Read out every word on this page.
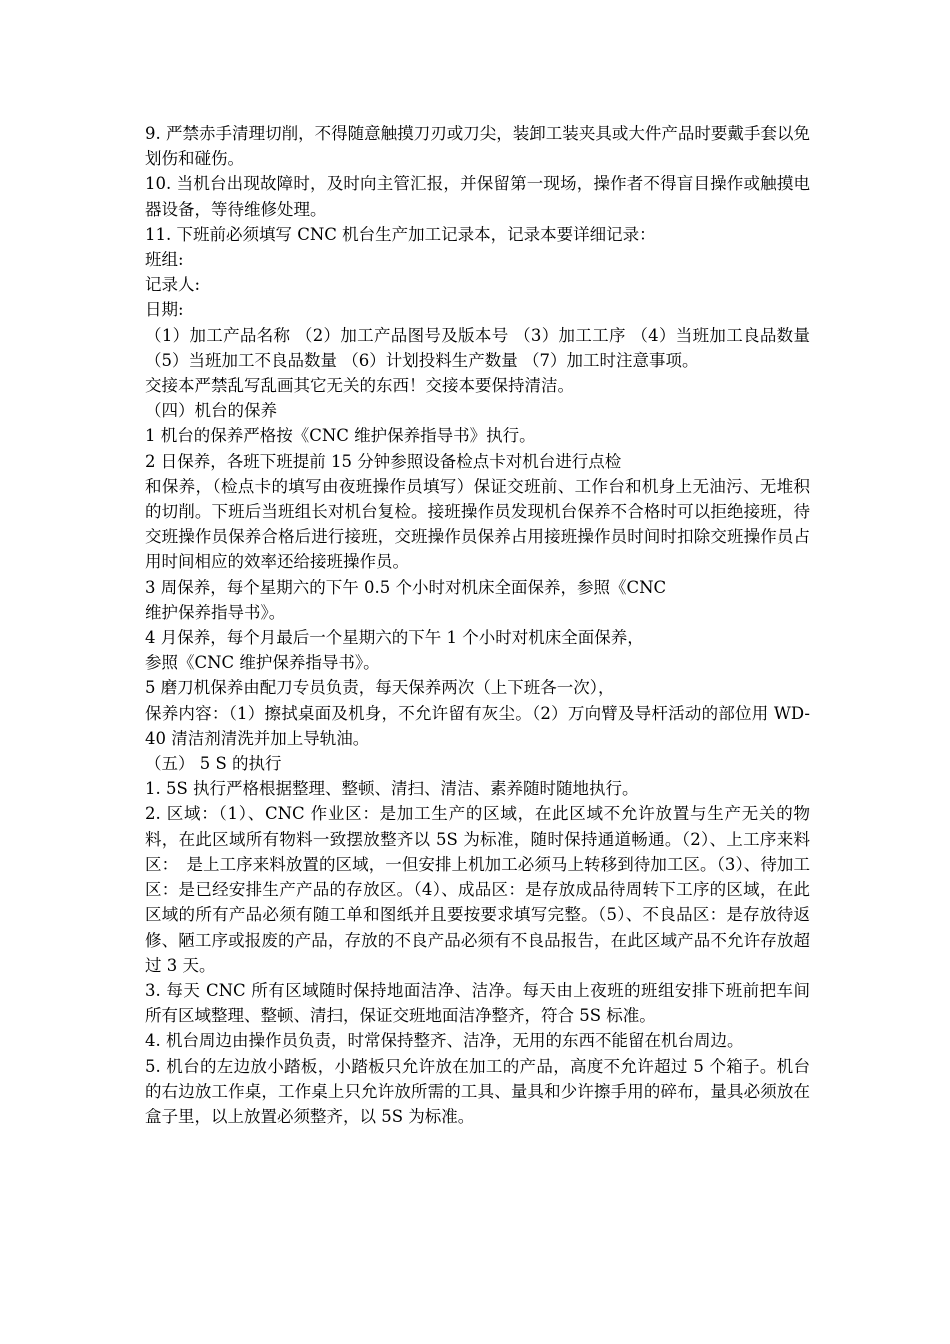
9. 严禁赤手清理切削，不得随意触摸刀刃或刀尖，装卸工装夹具或大件产品时要戴手套以免划伤和碰伤。

10. 当机台出现故障时，及时向主管汇报，并保留第一现场，操作者不得盲目操作或触摸电器设备，等待维修处理。

11. 下班前必须填写 CNC 机台生产加工记录本，记录本要详细记录：

班组:

记录人:

日期:

（1）加工产品名称 （2）加工产品图号及版本号 （3）加工工序 （4）当班加工良品数量 （5）当班加工不良品数量 （6）计划投料生产数量 （7）加工时注意事项。

交接本严禁乱写乱画其它无关的东西！交接本要保持清洁。

（四）机台的保养

1 机台的保养严格按《CNC 维护保养指导书》执行。

2 日保养，各班下班提前 15 分钟参照设备检点卡对机台进行点检

和保养，（检点卡的填写由夜班操作员填写）保证交班前、工作台和机身上无油污、无堆积的切削。下班后当班组长对机台复检。接班操作员发现机台保养不合格时可以拒绝接班，待交班操作员保养合格后进行接班，交班操作员保养占用接班操作员时间时扣除交班操作员占用时间相应的效率还给接班操作员。

3 周保养，每个星期六的下午 0.5 个小时对机床全面保养，参照《CNC

维护保养指导书》。

4 月保养，每个月最后一个星期六的下午 1 个小时对机床全面保养，

参照《CNC 维护保养指导书》。

5 磨刀机保养由配刀专员负责，每天保养两次（上下班各一次），

保养内容：（1）擦拭桌面及机身，不允许留有灰尘。（2）万向臂及导杆活动的部位用 WD-40 清洁剂清洗并加上导轨油。

（五） 5 S 的执行

1. 5S 执行严格根据整理、整顿、清扫、清洁、素养随时随地执行。

2. 区域：（1）、CNC 作业区：是加工生产的区域，在此区域不允许放置与生产无关的物料，在此区域所有物料一致摆放整齐以 5S 为标准，随时保持通道畅通。（2）、上工序来料区：　是上工序来料放置的区域，一但安排上机加工必须马上转移到待加工区。（3）、待加工区：是已经安排生产产品的存放区。（4）、成品区：是存放成品待周转下工序的区域，在此区域的所有产品必须有随工单和图纸并且要按要求填写完整。（5）、不良品区：是存放待返修、陋工序或报废的产品，存放的不良产品必须有不良品报告，在此区域产品不允许存放超过 3 天。

3. 每天 CNC 所有区域随时保持地面洁净、洁净。每天由上夜班的班组安排下班前把车间所有区域整理、整顿、清扫，保证交班地面洁净整齐，符合 5S 标准。

4. 机台周边由操作员负责，时常保持整齐、洁净，无用的东西不能留在机台周边。

5. 机台的左边放小踏板，小踏板只允许放在加工的产品，高度不允许超过 5 个箱子。机台的右边放工作桌，工作桌上只允许放所需的工具、量具和少许擦手用的碎布，量具必须放在盒子里，以上放置必须整齐，以 5S 为标准。
